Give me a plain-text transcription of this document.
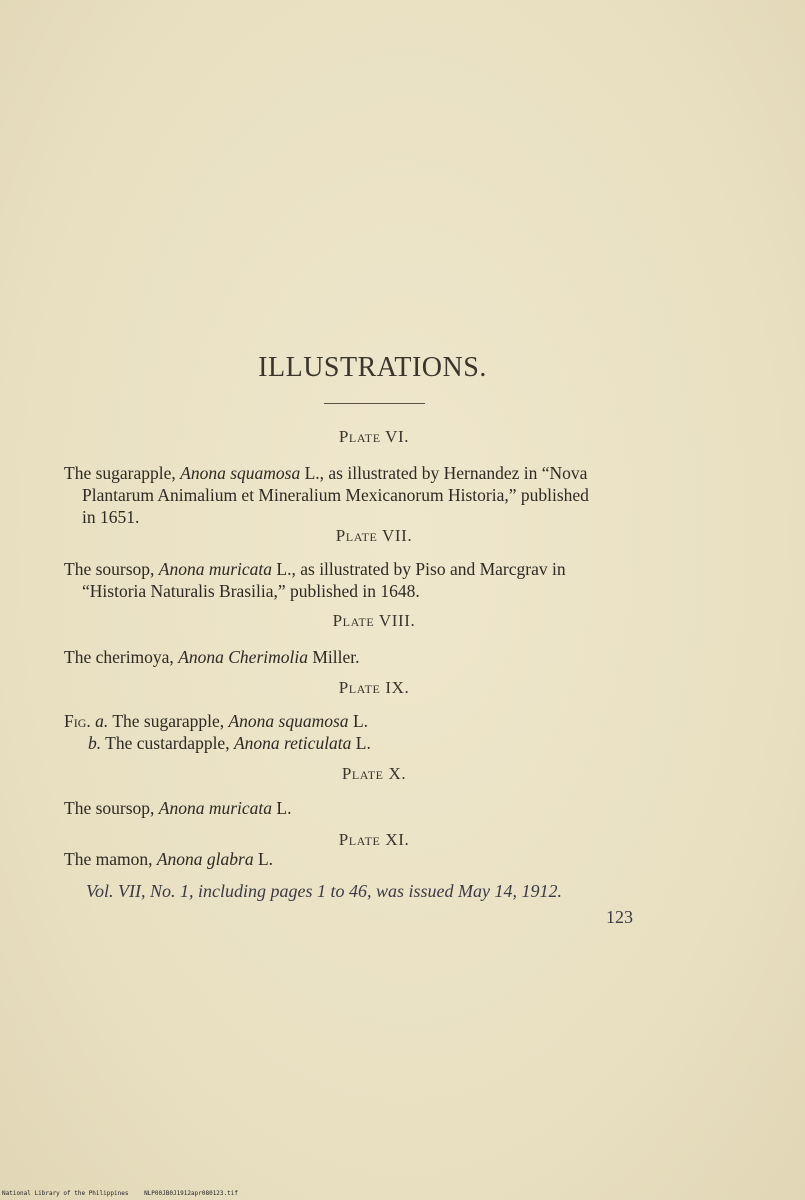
ILLUSTRATIONS.
Plate VI.
The sugarapple, Anona squamosa L., as illustrated by Hernandez in “Nova
Plantarum Animalium et Mineralium Mexicanorum Historia,” published
in 1651.
Plate VII.
The soursop, Anona muricata L., as illustrated by Piso and Marcgrav in
“Historia Naturalis Brasilia,” published in 1648.
Plate VIII.
The cherimoya, Anona Cherimolia Miller.
Plate IX.
Fig. a. The sugarapple, Anona squamosa L.
b. The custardapple, Anona reticulata L.
Plate X.
The soursop, Anona muricata L.
Plate XI.
The mamon, Anona glabra L.
Vol. VII, No. 1, including pages 1 to 46, was issued May 14, 1912.
123
National Library of the Philippines	NLP00JB0J1912apr080123.tif
